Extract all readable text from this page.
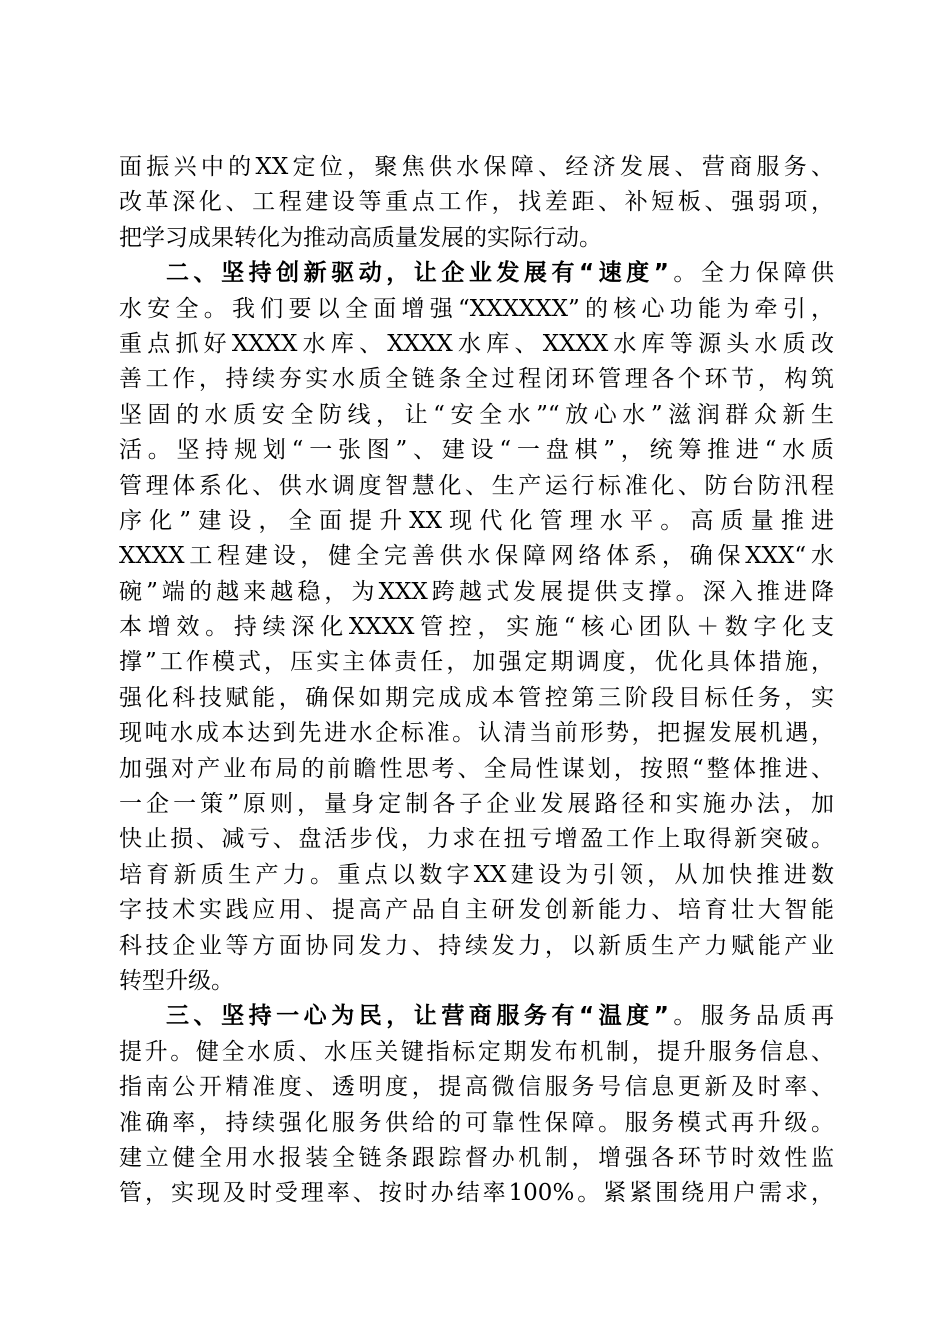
面振兴中的XX定位，聚焦供水保障、经济发展、营商服务、
改革深化、工程建设等重点工作，找差距、补短板、强弱项，
把学习成果转化为推动高质量发展的实际行动。
二、坚持创新驱动，让企业发展有“速度”。全力保障供
水安全。我们要以全面增强“XXXXXX”的核心功能为牵引，
重点抓好XXXX水库、XXXX水库、XXXX水库等源头水质改
善工作，持续夯实水质全链条全过程闭环管理各个环节，构筑
坚固的水质安全防线，让“安全水”“放心水”滋润群众新生
活。坚持规划“一张图”、建设“一盘棋”，统筹推进“水质
管理体系化、供水调度智慧化、生产运行标准化、防台防汛程
序化”建设，全面提升XX现代化管理水平。高质量推进
XXXX工程建设，健全完善供水保障网络体系，确保XXX“水
碗”端的越来越稳，为XXX跨越式发展提供支撑。深入推进降
本增效。持续深化XXXX管控，实施“核心团队＋数字化支
撑”工作模式，压实主体责任，加强定期调度，优化具体措施，
强化科技赋能，确保如期完成成本管控第三阶段目标任务，实
现吨水成本达到先进水企标准。认清当前形势，把握发展机遇，
加强对产业布局的前瞻性思考、全局性谋划，按照“整体推进、
一企一策”原则，量身定制各子企业发展路径和实施办法，加
快止损、减亏、盘活步伐，力求在扭亏增盈工作上取得新突破。
培育新质生产力。重点以数字XX建设为引领，从加快推进数
字技术实践应用、提高产品自主研发创新能力、培育壮大智能
科技企业等方面协同发力、持续发力，以新质生产力赋能产业
转型升级。
三、坚持一心为民，让营商服务有“温度”。服务品质再
提升。健全水质、水压关键指标定期发布机制，提升服务信息、
指南公开精准度、透明度，提高微信服务号信息更新及时率、
准确率，持续强化服务供给的可靠性保障。服务模式再升级。
建立健全用水报装全链条跟踪督办机制，增强各环节时效性监
管，实现及时受理率、按时办结率100%。紧紧围绕用户需求，
